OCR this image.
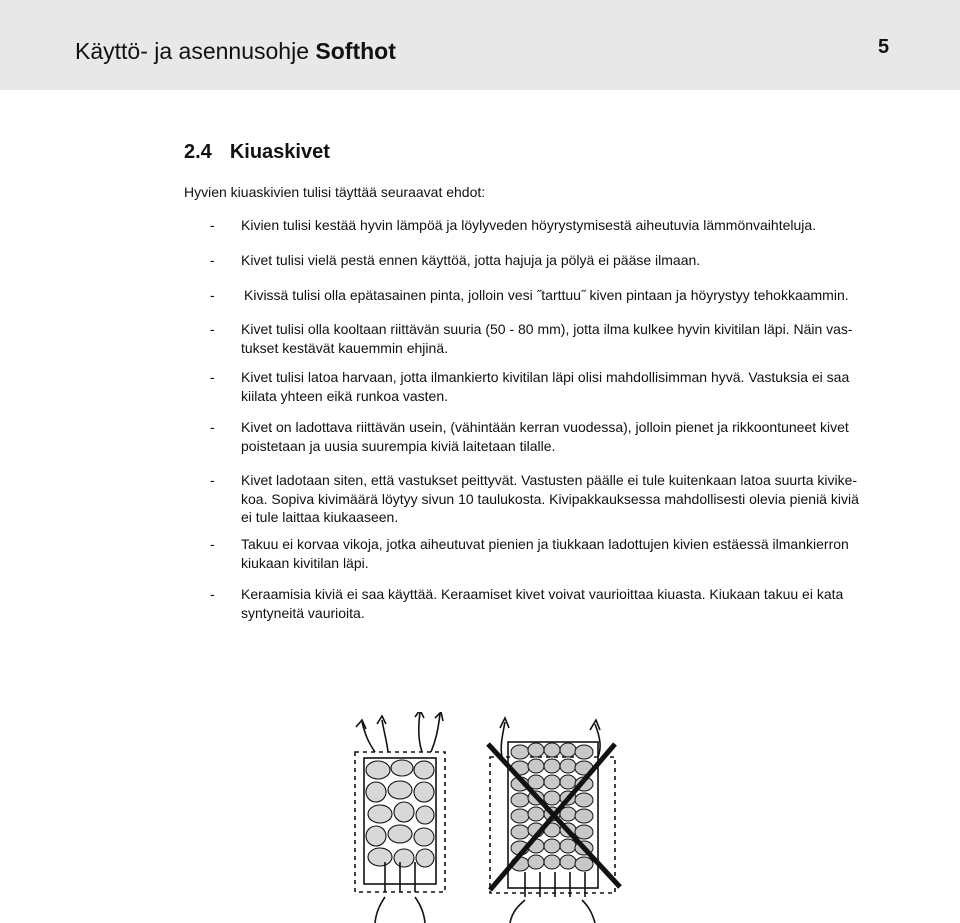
Käyttö- ja asennusohje Softhot	5
2.4 Kiuaskivet
Hyvien kiuaskivien tulisi täyttää seuraavat ehdot:
- Kivien tulisi kestää hyvin lämpöä ja löylyveden höyrystymisestä aiheutuvia lämmönvaihteluja.
- Kivet tulisi vielä pestä ennen käyttöä, jotta hajuja ja pölyä ei pääse ilmaan.
- Kivissä tulisi olla epätasainen pinta, jolloin vesi ˝tarttuu˝ kiven pintaan ja höyrystyy tehokkaammin.
- Kivet tulisi olla kooltaan riittävän suuria (50 - 80 mm), jotta ilma kulkee hyvin kivitilan läpi. Näin vas-
tukset kestävät kauemmin ehjinä.
- Kivet tulisi latoa harvaan, jotta ilmankierto kivitilan läpi olisi mahdollisimman hyvä. Vastuksia ei saa
kiilata yhteen eikä runkoa vasten.
- Kivet on ladottava riittävän usein, (vähintään kerran vuodessa), jolloin pienet ja rikkoontuneet kivet
poistetaan ja uusia suurempia kiviä laitetaan tilalle.
- Kivet ladotaan siten, että vastukset peittyvät. Vastusten päälle ei tule kuitenkaan latoa suurta kivike-
koa. Sopiva kivimäärä löytyy sivun 10 taulukosta. Kivipakkauksessa mahdollisesti olevia pieniä kiviä
ei tule laittaa kiukaaseen.
- Takuu ei korvaa vikoja, jotka aiheutuvat pienien ja tiukkaan ladottujen kivien estäessä ilmankierron
kiukaan kivitilan läpi.
- Keraamisia kiviä ei saa käyttää. Keraamiset kivet voivat vaurioittaa kiuasta. Kiukaan takuu ei kata
syntyneitä vaurioita.
